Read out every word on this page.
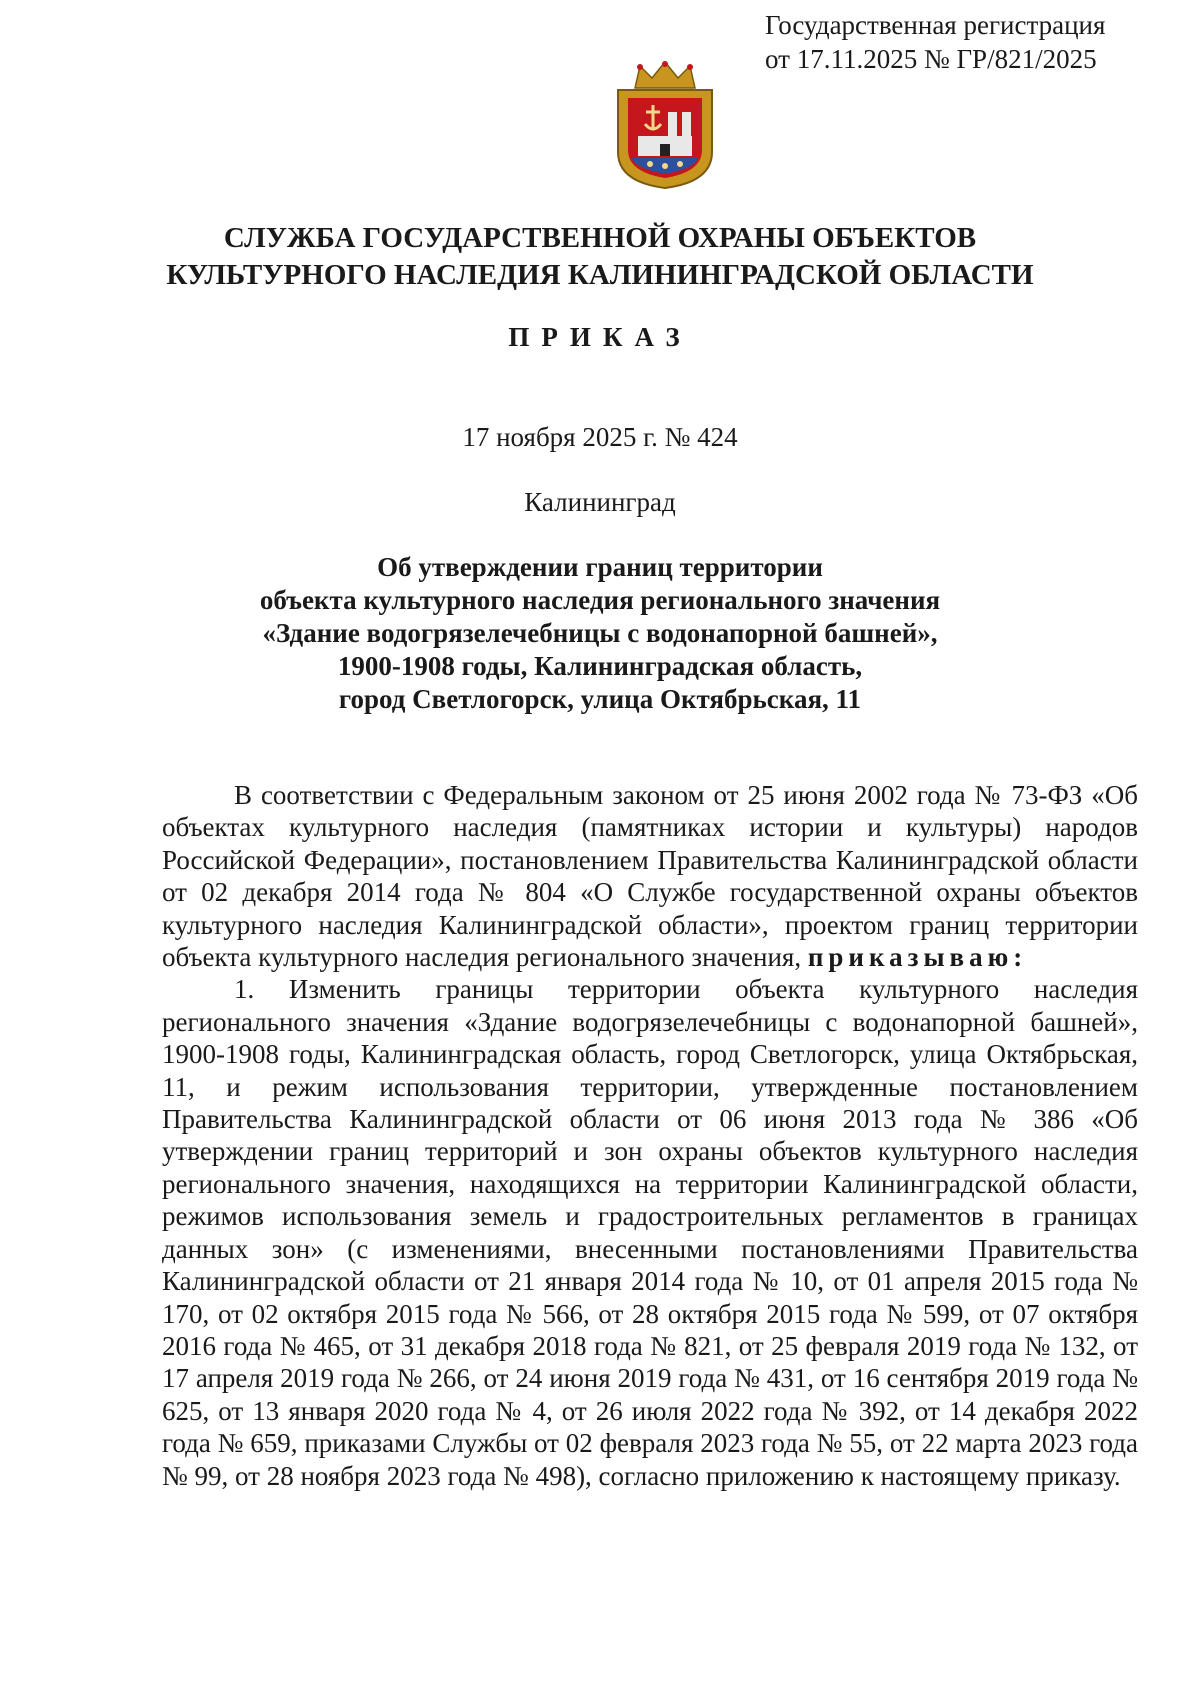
Государственная регистрация
от 17.11.2025 № ГР/821/2025
СЛУЖБА ГОСУДАРСТВЕННОЙ ОХРАНЫ ОБЪЕКТОВ
КУЛЬТУРНОГО НАСЛЕДИЯ КАЛИНИНГРАДСКОЙ ОБЛАСТИ
ПРИКАЗ
17 ноября 2025 г. № 424
Калининград
Об утверждении границ территории
объекта культурного наследия регионального значения
«Здание водогрязелечебницы с водонапорной башней»,
1900-1908 годы, Калининградская область,
город Светлогорск, улица Октябрьская, 11

В соответствии с Федеральным законом от 25 июня 2002 года № 73-ФЗ «Об объектах культурного наследия (памятниках истории и культуры) народов Российской Федерации», постановлением Правительства Калининградской области от 02 декабря 2014 года № 804 «О Службе государственной охраны объектов культурного наследия Калининградской области», проектом границ территории объекта культурного наследия регионального значения, приказываю:

1. Изменить границы территории объекта культурного наследия регионального значения «Здание водогрязелечебницы с водонапорной башней», 1900-1908 годы, Калининградская область, город Светлогорск, улица Октябрьская, 11, и режим использования территории, утвержденные постановлением Правительства Калининградской области от 06 июня 2013 года № 386 «Об утверждении границ территорий и зон охраны объектов культурного наследия регионального значения, находящихся на территории Калининградской области, режимов использования земель и градостроительных регламентов в границах данных зон» (с изменениями, внесенными постановлениями Правительства Калининградской области от 21 января 2014 года № 10, от 01 апреля 2015 года № 170, от 02 октября 2015 года № 566, от 28 октября 2015 года № 599, от 07 октября 2016 года № 465, от 31 декабря 2018 года № 821, от 25 февраля 2019 года № 132, от 17 апреля 2019 года № 266, от 24 июня 2019 года № 431, от 16 сентября 2019 года № 625, от 13 января 2020 года № 4, от 26 июля 2022 года № 392, от 14 декабря 2022 года № 659, приказами Службы от 02 февраля 2023 года № 55, от 22 марта 2023 года № 99, от 28 ноября 2023 года № 498), согласно приложению к настоящему приказу.
